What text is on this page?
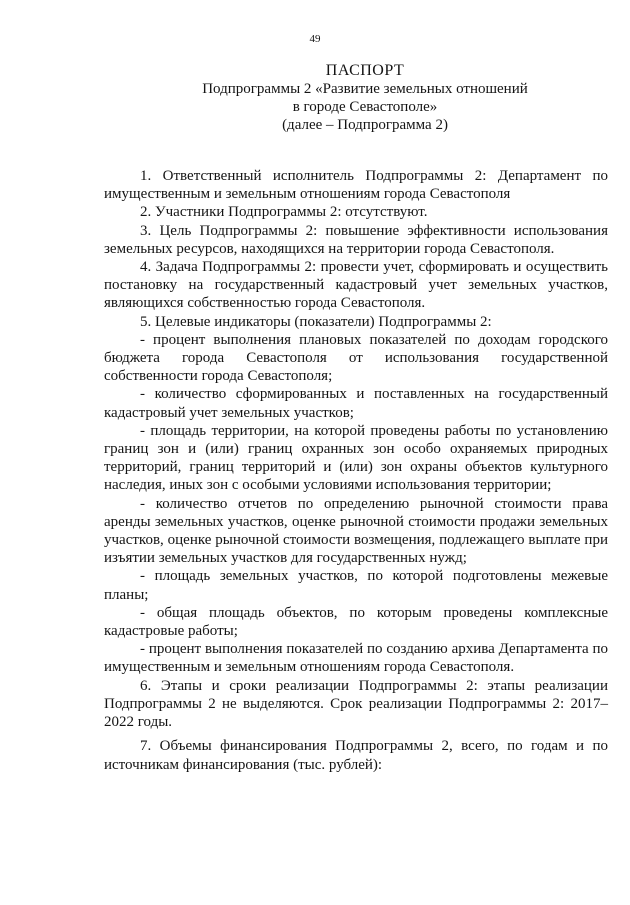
49
ПАСПОРТ
Подпрограммы 2 «Развитие земельных отношений
в городе Севастополе»
(далее – Подпрограмма 2)

1. Ответственный исполнитель Подпрограммы 2: Департамент по имущественным и земельным отношениям города Севастополя

2. Участники Подпрограммы 2: отсутствуют.

3. Цель Подпрограммы 2: повышение эффективности использования земельных ресурсов, находящихся на территории города Севастополя.

4. Задача Подпрограммы 2: провести учет, сформировать и осуществить постановку на государственный кадастровый учет земельных участков, являющихся собственностью города Севастополя.

5. Целевые индикаторы (показатели) Подпрограммы 2:

- процент выполнения плановых показателей по доходам городского бюджета города Севастополя от использования государственной собственности города Севастополя;

- количество сформированных и поставленных на государственный кадастровый учет земельных участков;

- площадь территории, на которой проведены работы по установлению границ зон и (или) границ охранных зон особо охраняемых природных территорий, границ территорий и (или) зон охраны объектов культурного наследия, иных зон с особыми условиями использования территории;

- количество отчетов по определению рыночной стоимости права аренды земельных участков, оценке рыночной стоимости продажи земельных участков, оценке рыночной стоимости возмещения, подлежащего выплате при изъятии земельных участков для государственных нужд;

- площадь земельных участков, по которой подготовлены межевые планы;

- общая площадь объектов, по которым проведены комплексные кадастровые работы;

- процент выполнения показателей по созданию архива Департамента по имущественным и земельным отношениям города Севастополя.

6. Этапы и сроки реализации Подпрограммы 2: этапы реализации Подпрограммы 2 не выделяются. Срок реализации Подпрограммы 2: 2017–2022 годы.

7. Объемы финансирования Подпрограммы 2, всего, по годам и по источникам финансирования (тыс. рублей):
